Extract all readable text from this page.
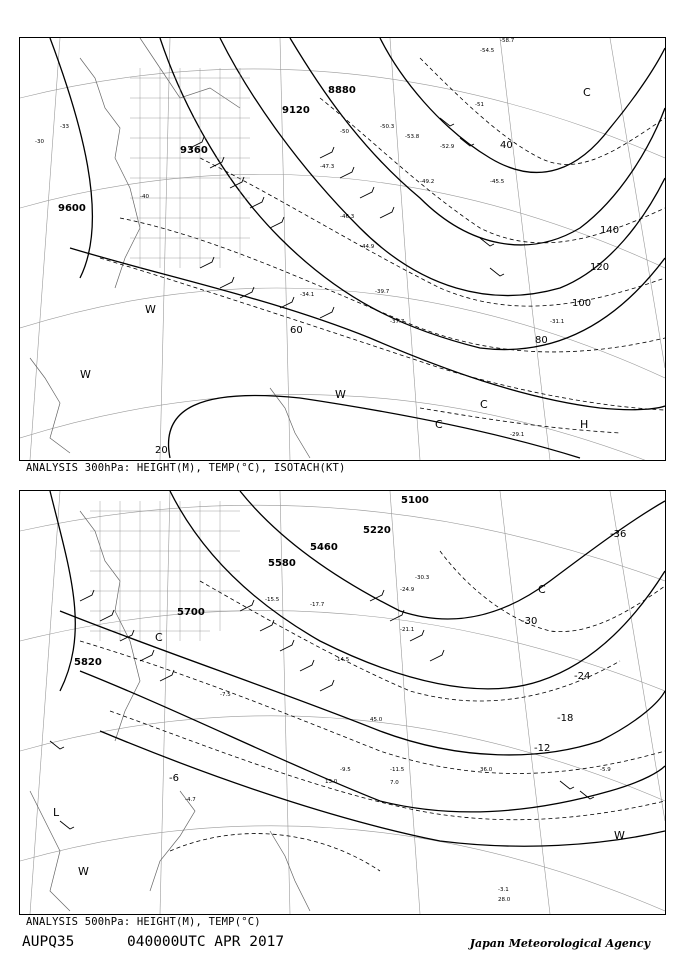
9600
9360
9120
8880
20
40
60
80
100
120
140
-30
-40
-50
-33
-45.5
-51
-54.5
-58.7
-50.3
-47.3
-53.8
-52.9
-49.2
-46.3
-44.9
-39.7
-37.7
-34.1
-31.1
-29.1
W
W
W
C
C
C
H
ANALYSIS 300hPa: HEIGHT(M), TEMP(°C), ISOTACH(KT)
5100
5220
5460
5580
5700
5820
-36
-30
-24
-18
-12
-6
-30.3
-24.9
-21.1
-17.7
-15.5
-14.5
-11.5
-9.5
-7.5
-5.9
-4.7
-3.1
28.0
36.0
45.0
13.0	7.0
C
C
L
W
W
ANALYSIS 500hPa: HEIGHT(M), TEMP(°C)
AUPQ35	040000UTC APR 2017	Japan Meteorological Agency
